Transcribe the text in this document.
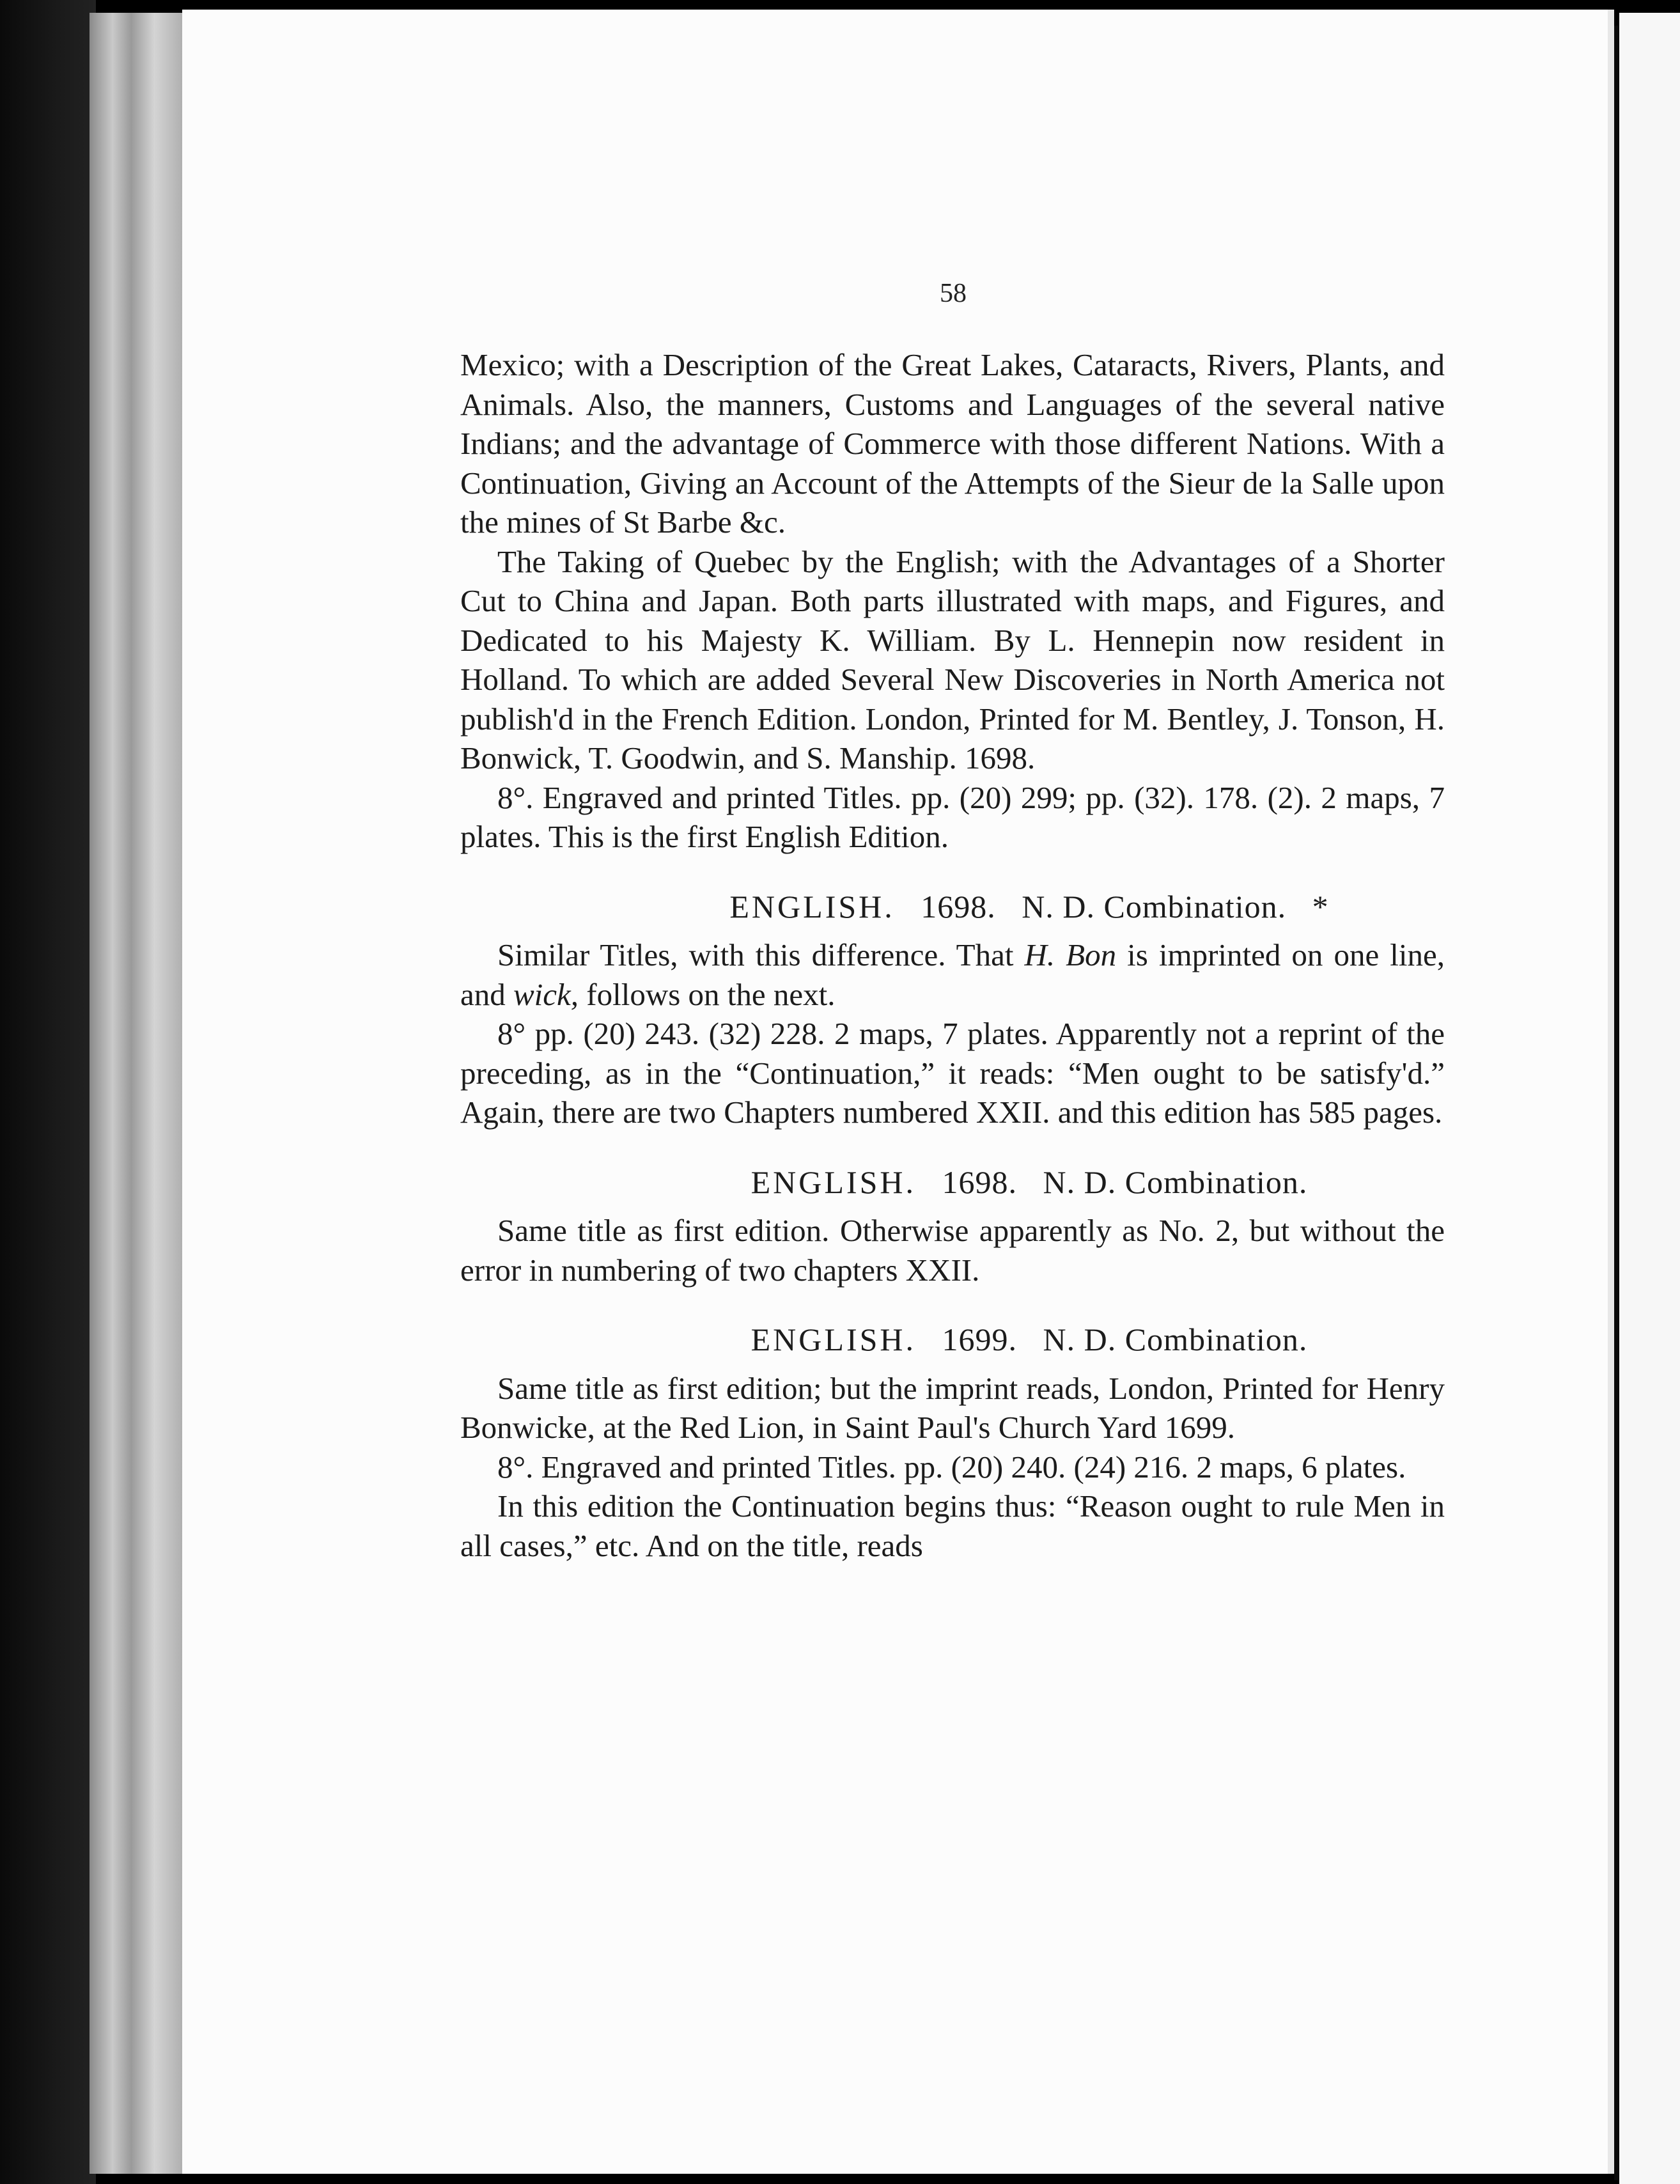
58

Mexico; with a Description of the Great Lakes, Cataracts, Rivers, Plants, and Animals. Also, the manners, Customs and Languages of the several native Indians; and the advantage of Commerce with those different Nations. With a Continuation, Giving an Account of the Attempts of the Sieur de la Salle upon the mines of St Barbe &c.

The Taking of Quebec by the English; with the Advantages of a Shorter Cut to China and Japan. Both parts illustrated with maps, and Figures, and Dedicated to his Majesty K. William. By L. Hennepin now resident in Holland. To which are added Several New Discoveries in North America not publish'd in the French Edition. London, Printed for M. Bentley, J. Tonson, H. Bonwick, T. Goodwin, and S. Manship. 1698.

8°. Engraved and printed Titles. pp. (20) 299; pp. (32). 178. (2). 2 maps, 7 plates. This is the first English Edition.

ENGLISH. 1698. N. D. Combination. *

Similar Titles, with this difference. That H. Bon is imprinted on one line, and wick, follows on the next.

8° pp. (20) 243. (32) 228. 2 maps, 7 plates. Apparently not a reprint of the preceding, as in the “Continuation,” it reads: “Men ought to be satisfy'd.” Again, there are two Chapters numbered XXII. and this edition has 585 pages.

ENGLISH. 1698. N. D. Combination.

Same title as first edition. Otherwise apparently as No. 2, but without the error in numbering of two chapters XXII.

ENGLISH. 1699. N. D. Combination.

Same title as first edition; but the imprint reads, London, Printed for Henry Bonwicke, at the Red Lion, in Saint Paul's Church Yard 1699.

8°. Engraved and printed Titles. pp. (20) 240. (24) 216. 2 maps, 6 plates.

In this edition the Continuation begins thus: “Reason ought to rule Men in all cases,” etc. And on the title, reads
